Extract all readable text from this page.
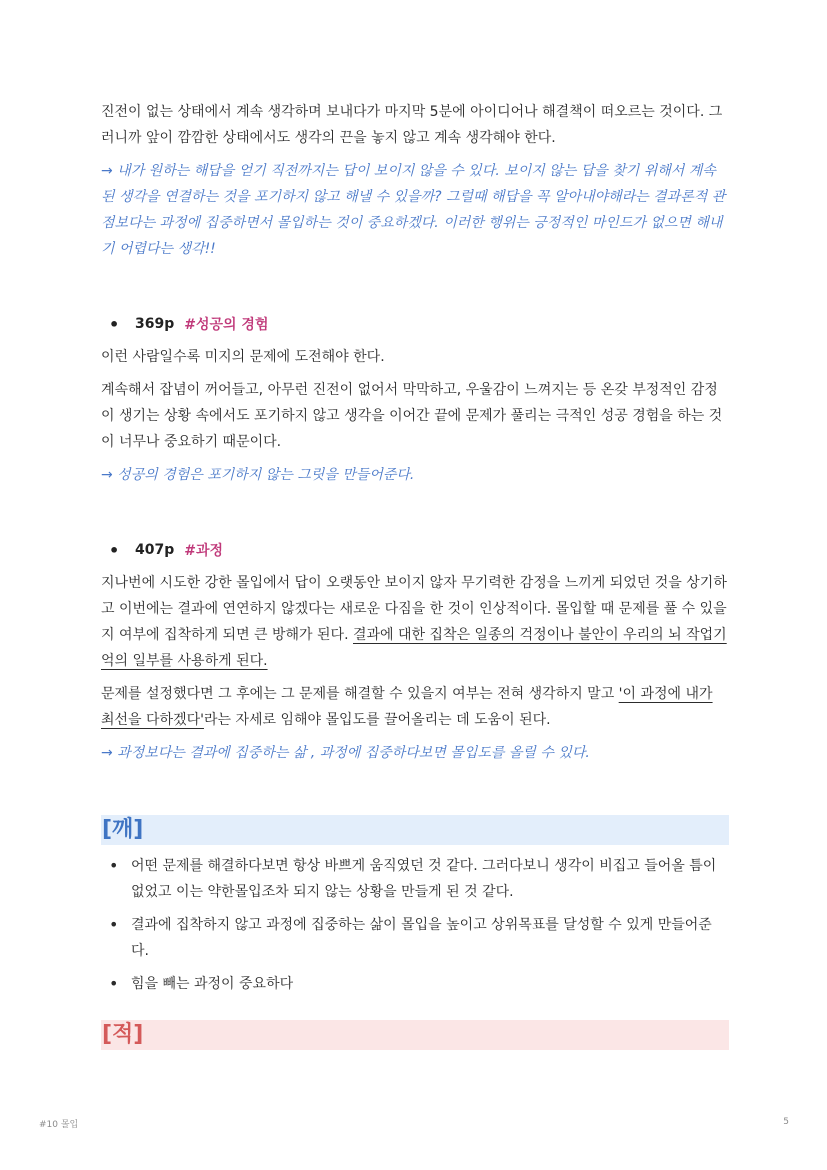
진전이 없는 상태에서 계속 생각하며 보내다가 마지막 5분에 아이디어나 해결책이 떠오르는 것이다. 그러니까 앞이 깜깜한 상태에서도 생각의 끈을 놓지 않고 계속 생각해야 한다.

→ 내가 원하는 해답을 얻기 직전까지는 답이 보이지 않을 수 있다. 보이지 않는 답을 찾기 위해서 계속된 생각을 연결하는 것을 포기하지 않고 해낼 수 있을까? 그럴때 해답을 꼭 알아내야해라는 결과론적 관점보다는 과정에 집중하면서 몰입하는 것이 중요하겠다. 이러한 행위는 긍정적인 마인드가 없으면 해내기 어렵다는 생각!!

•	369p #성공의 경험

이런 사람일수록 미지의 문제에 도전해야 한다.

계속해서 잡념이 꺼어들고, 아무런 진전이 없어서 막막하고, 우울감이 느껴지는 등 온갖 부정적인 감정이 생기는 상황 속에서도 포기하지 않고 생각을 이어간 끝에 문제가 풀리는 극적인 성공 경험을 하는 것이 너무나 중요하기 때문이다.

→ 성공의 경험은 포기하지 않는 그릿을 만들어준다.

•	407p #과정

지나번에 시도한 강한 몰입에서 답이 오랫동안 보이지 않자 무기력한 감정을 느끼게 되었던 것을 상기하고 이번에는 결과에 연연하지 않겠다는 새로운 다짐을 한 것이 인상적이다. 몰입할 때 문제를 풀 수 있을지 여부에 집착하게 되면 큰 방해가 된다. 결과에 대한 집착은 일종의 걱정이나 불안이 우리의 뇌 작업기억의 일부를 사용하게 된다.

문제를 설정했다면 그 후에는 그 문제를 해결할 수 있을지 여부는 전혀 생각하지 말고 '이 과정에 내가 최선을 다하겠다'라는 자세로 임해야 몰입도를 끌어올리는 데 도움이 된다.

→ 과정보다는 결과에 집중하는 삶 , 과정에 집중하다보면 몰입도를 올릴 수 있다.

[깨]
• 어떤 문제를 해결하다보면 항상 바쁘게 움직였던 것 같다. 그러다보니 생각이 비집고 들어올 틈이 없었고 이는 약한몰입조차 되지 않는 상황을 만들게 된 것 같다.
• 결과에 집착하지 않고 과정에 집중하는 삶이 몰입을 높이고 상위목표를 달성할 수 있게 만들어준다.
• 힘을 빼는 과정이 중요하다
[적]
#10 몰입	5
